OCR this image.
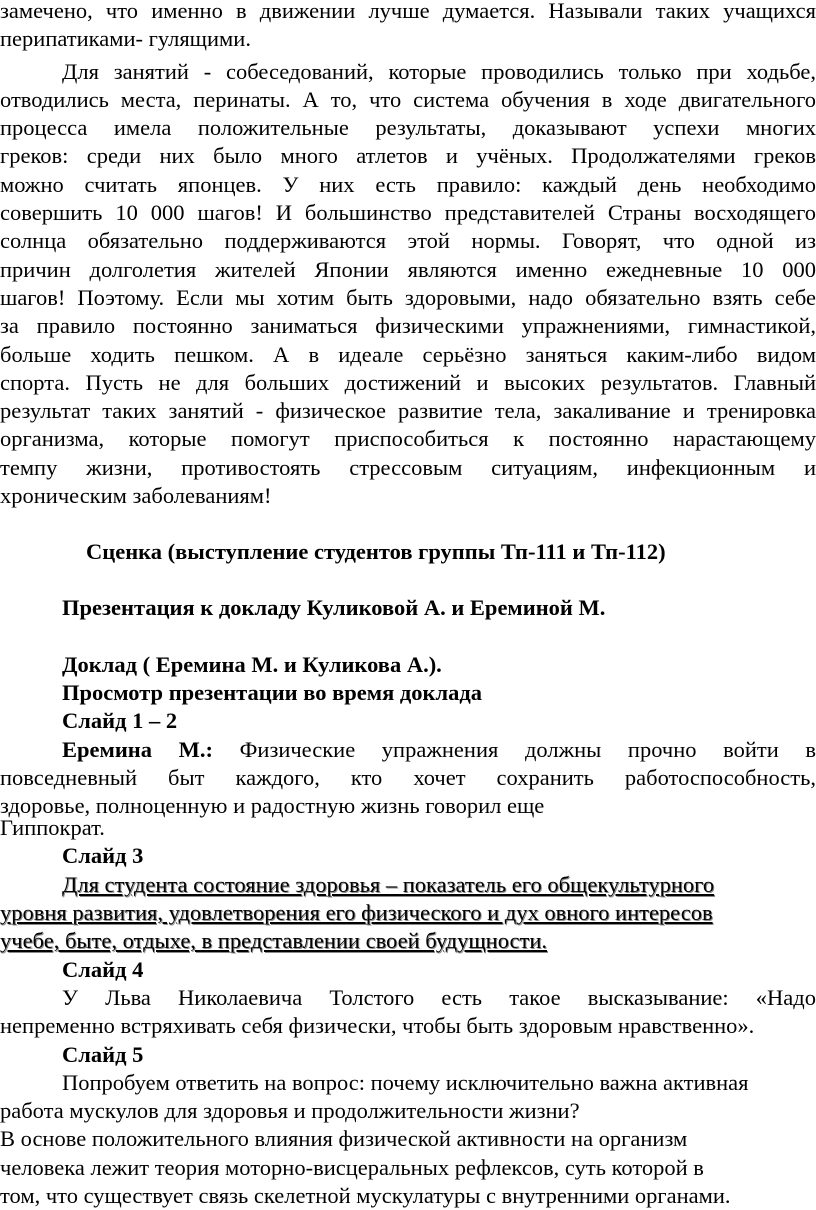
замечено, что именно в движении лучше думается. Называли таких учащихся
перипатиками- гулящими.
Для занятий - собеседований, которые проводились только при ходьбе,
отводились места, перинаты. А то, что система обучения в ходе двигательного
процесса имела положительные результаты, доказывают успехи многих
греков: среди них было много атлетов и учёных. Продолжателями греков
можно считать японцев. У них есть правило: каждый день необходимо
совершить 10 000 шагов! И большинство представителей Страны восходящего
солнца обязательно поддерживаются этой нормы. Говорят, что одной из
причин долголетия жителей Японии являются именно ежедневные 10 000
шагов! Поэтому. Если мы хотим быть здоровыми, надо обязательно взять себе
за правило постоянно заниматься физическими упражнениями, гимнастикой,
больше ходить пешком. А в идеале серьёзно заняться каким-либо видом
спорта. Пусть не для больших достижений и высоких результатов. Главный
результат таких занятий - физическое развитие тела, закаливание и тренировка
организма, которые помогут приспособиться к постоянно нарастающему
темпу жизни, противостоять стрессовым ситуациям, инфекционным и
хроническим заболеваниям!
Сценка (выступление студентов группы Тп-111 и Тп-112)
Презентация к докладу Куликовой А. и Ереминой М.
Доклад ( Еремина М. и Куликова А.).
Просмотр презентации во время доклада
Слайд 1 – 2
Еремина М.: Физические упражнения должны прочно войти в
повседневный быт каждого, кто хочет сохранить работоспособность,
здоровье, полноценную и радостную жизнь говорил еще
Гиппократ.
Слайд 3
Для студента состояние здоровья – показатель его общекультурного
уровня развития, удовлетворения его физического и дух овного интересов
учебе, быте, отдыхе, в представлении своей будущности.
Слайд 4
У Льва Николаевича Толстого есть такое высказывание: «Надо
непременно встряхивать себя физически, чтобы быть здоровым нравственно».
Слайд 5
Попробуем ответить на вопрос: почему исключительно важна активная
работа мускулов для здоровья и продолжительности жизни?
В основе положительного влияния физической активности на организм
человека лежит теория моторно-висцеральных рефлексов, суть которой в
том, что существует связь скелетной мускулатуры с внутренними органами.
